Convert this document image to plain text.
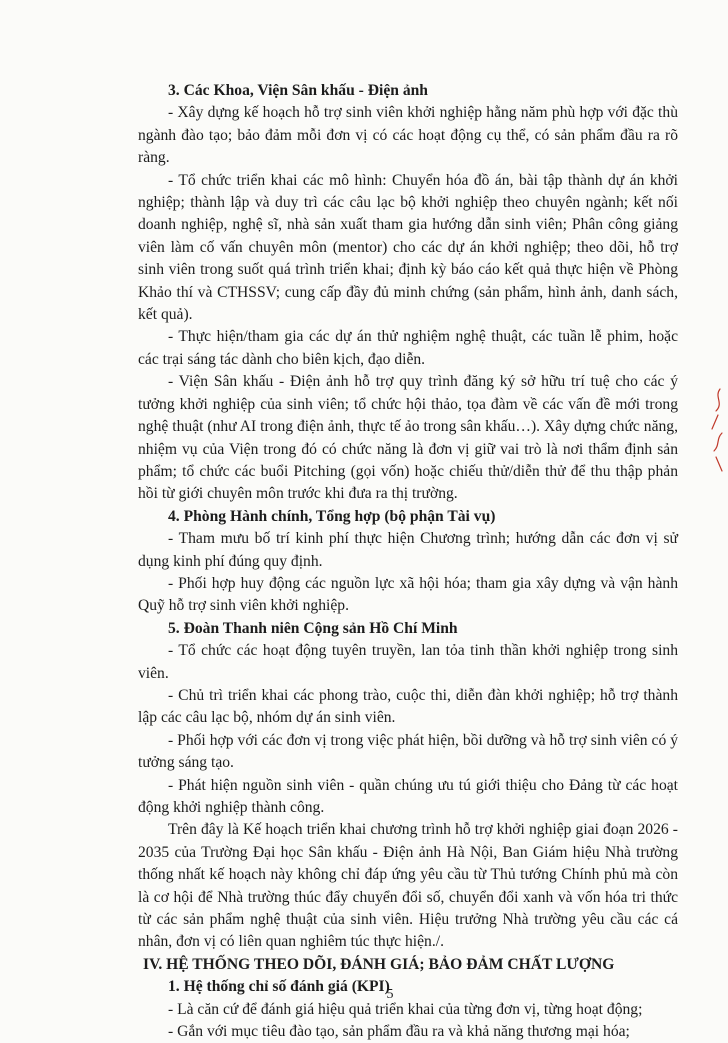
3. Các Khoa, Viện Sân khấu - Điện ảnh

- Xây dựng kế hoạch hỗ trợ sinh viên khởi nghiệp hằng năm phù hợp với đặc thù ngành đào tạo; bảo đảm mỗi đơn vị có các hoạt động cụ thể, có sản phẩm đầu ra rõ ràng.

- Tổ chức triển khai các mô hình: Chuyển hóa đồ án, bài tập thành dự án khởi nghiệp; thành lập và duy trì các câu lạc bộ khởi nghiệp theo chuyên ngành; kết nối doanh nghiệp, nghệ sĩ, nhà sản xuất tham gia hướng dẫn sinh viên; Phân công giảng viên làm cố vấn chuyên môn (mentor) cho các dự án khởi nghiệp; theo dõi, hỗ trợ sinh viên trong suốt quá trình triển khai; định kỳ báo cáo kết quả thực hiện về Phòng Khảo thí và CTHSSV; cung cấp đầy đủ minh chứng (sản phẩm, hình ảnh, danh sách, kết quả).

- Thực hiện/tham gia các dự án thử nghiệm nghệ thuật, các tuần lễ phim, hoặc các trại sáng tác dành cho biên kịch, đạo diễn.

- Viện Sân khấu - Điện ảnh hỗ trợ quy trình đăng ký sở hữu trí tuệ cho các ý tưởng khởi nghiệp của sinh viên; tổ chức hội thảo, tọa đàm về các vấn đề mới trong nghệ thuật (như AI trong điện ảnh, thực tế ảo trong sân khấu…). Xây dựng chức năng, nhiệm vụ của Viện trong đó có chức năng là đơn vị giữ vai trò là nơi thẩm định sản phẩm; tổ chức các buổi Pitching (gọi vốn) hoặc chiếu thử/diễn thử để thu thập phản hồi từ giới chuyên môn trước khi đưa ra thị trường.

4. Phòng Hành chính, Tổng hợp (bộ phận Tài vụ)

- Tham mưu bố trí kinh phí thực hiện Chương trình; hướng dẫn các đơn vị sử dụng kinh phí đúng quy định.

- Phối hợp huy động các nguồn lực xã hội hóa; tham gia xây dựng và vận hành Quỹ hỗ trợ sinh viên khởi nghiệp.

5. Đoàn Thanh niên Cộng sản Hồ Chí Minh

- Tổ chức các hoạt động tuyên truyền, lan tỏa tinh thần khởi nghiệp trong sinh viên.

- Chủ trì triển khai các phong trào, cuộc thi, diễn đàn khởi nghiệp; hỗ trợ thành lập các câu lạc bộ, nhóm dự án sinh viên.

- Phối hợp với các đơn vị trong việc phát hiện, bồi dưỡng và hỗ trợ sinh viên có ý tưởng sáng tạo.

- Phát hiện nguồn sinh viên - quần chúng ưu tú giới thiệu cho Đảng từ các hoạt động khởi nghiệp thành công.

Trên đây là Kế hoạch triển khai chương trình hỗ trợ khởi nghiệp giai đoạn 2026 - 2035 của Trường Đại học Sân khấu - Điện ảnh Hà Nội, Ban Giám hiệu Nhà trường thống nhất kế hoạch này không chỉ đáp ứng yêu cầu từ Thủ tướng Chính phủ mà còn là cơ hội để Nhà trường thúc đẩy chuyển đổi số, chuyển đổi xanh và vốn hóa tri thức từ các sản phẩm nghệ thuật của sinh viên. Hiệu trưởng Nhà trường yêu cầu các cá nhân, đơn vị có liên quan nghiêm túc thực hiện./.

IV. HỆ THỐNG THEO DÕI, ĐÁNH GIÁ; BẢO ĐẢM CHẤT LƯỢNG

1. Hệ thống chỉ số đánh giá (KPI)

- Là căn cứ để đánh giá hiệu quả triển khai của từng đơn vị, từng hoạt động;

- Gắn với mục tiêu đào tạo, sản phẩm đầu ra và khả năng thương mại hóa;

5
